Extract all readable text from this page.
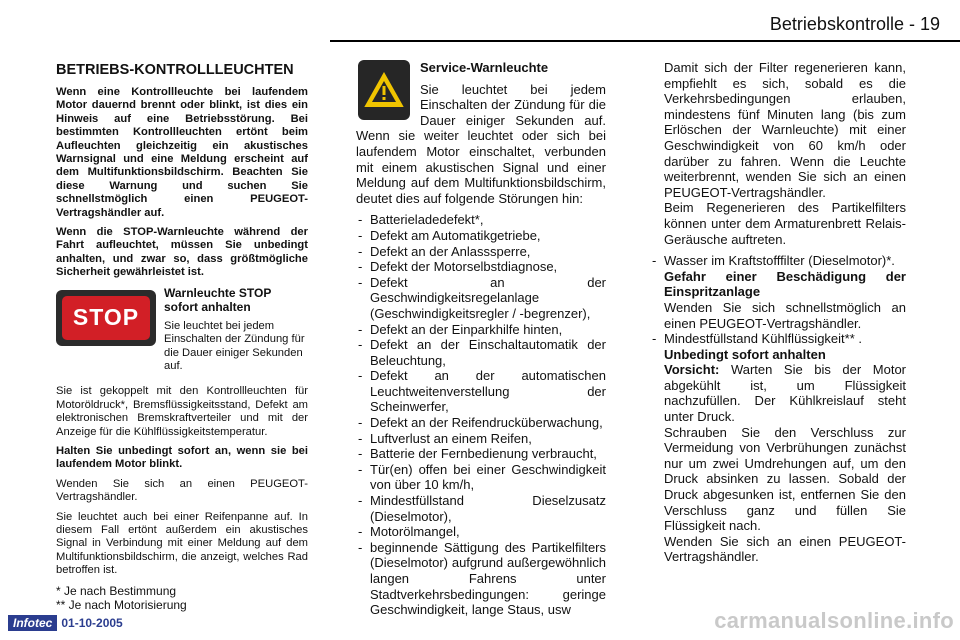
Betriebskontrolle - 19
BETRIEBS-KONTROLLLEUCHTEN

Wenn eine Kontrollleuchte bei laufendem Motor dauernd brennt oder blinkt, ist dies ein Hinweis auf eine Betriebsstörung. Bei bestimmten Kontrollleuchten ertönt beim Aufleuchten gleichzeitig ein akustisches Warnsignal und eine Meldung erscheint auf dem Multifunktionsbildschirm. Beachten Sie diese Warnung und suchen Sie schnellstmöglich einen PEUGEOT-Vertragshändler auf.

Wenn die STOP-Warnleuchte während der Fahrt aufleuchtet, müssen Sie unbedingt anhalten, und zwar so, dass größtmögliche Sicherheit gewährleistet ist.

STOP
Warnleuchte STOP sofort anhalten

Sie leuchtet bei jedem Einschalten der Zündung für die Dauer einiger Sekunden auf.

Sie ist gekoppelt mit den Kontrollleuchten für Motoröldruck*, Bremsflüssigkeitsstand, Defekt am elektronischen Bremskraftverteiler und mit der Anzeige für die Kühlflüssigkeitstemperatur.

Halten Sie unbedingt sofort an, wenn sie bei laufendem Motor blinkt.

Wenden Sie sich an einen PEUGEOT-Vertragshändler.

Sie leuchtet auch bei einer Reifenpanne auf. In diesem Fall ertönt außerdem ein akustisches Signal in Verbindung mit einer Meldung auf dem Multifunktionsbildschirm, die anzeigt, welches Rad betroffen ist.

* Je nach Bestimmung
** Je nach Motorisierung
Service-Warnleuchte

Sie leuchtet bei jedem Einschalten der Zündung für die Dauer einiger Sekunden auf. Wenn sie weiter leuchtet oder sich bei laufendem Motor einschaltet, verbunden mit einem akustischen Signal und einer Meldung auf dem Multifunktionsbildschirm, deutet dies auf folgende Störungen hin:

- Batterieladedefekt*,
- Defekt am Automatikgetriebe,
- Defekt an der Anlasssperre,
- Defekt der Motorselbstdiagnose,
- Defekt an der Geschwindigkeitsregelanlage (Geschwindigkeitsregler / -begrenzer),
- Defekt an der Einparkhilfe hinten,
- Defekt an der Einschaltautomatik der Beleuchtung,
- Defekt an der automatischen Leuchtweitenverstellung der Scheinwerfer,
- Defekt an der Reifendrucküberwachung,
- Luftverlust an einem Reifen,
- Batterie der Fernbedienung verbraucht,
- Tür(en) offen bei einer Geschwindigkeit von über 10 km/h,
- Mindestfüllstand Dieselzusatz (Dieselmotor),
- Motorölmangel,
- beginnende Sättigung des Partikelfilters (Dieselmotor) aufgrund außergewöhnlich langen Fahrens unter Stadtverkehrsbedingungen: geringe Geschwindigkeit, lange Staus, usw

Damit sich der Filter regenerieren kann, empfiehlt es sich, sobald es die Verkehrsbedingungen erlauben, mindestens fünf Minuten lang (bis zum Erlöschen der Warnleuchte) mit einer Geschwindigkeit von 60 km/h oder darüber zu fahren. Wenn die Leuchte weiterbrennt, wenden Sie sich an einen PEUGEOT-Vertragshändler.

Beim Regenerieren des Partikelfilters können unter dem Armaturenbrett Relais-Geräusche auftreten.

- Wasser im Kraftstofffilter (Dieselmotor)*.
Gefahr einer Beschädigung der Einspritzanlage
Wenden Sie sich schnellstmöglich an einen PEUGEOT-Vertragshändler.
- Mindestfüllstand Kühlflüssigkeit** .
Unbedingt sofort anhalten
Vorsicht: Warten Sie bis der Motor abgekühlt ist, um Flüssigkeit nachzufüllen. Der Kühlkreislauf steht unter Druck.
Schrauben Sie den Verschluss zur Vermeidung von Verbrühungen zunächst nur um zwei Umdrehungen auf, um den Druck absinken zu lassen. Sobald der Druck abgesunken ist, entfernen Sie den Verschluss ganz und füllen Sie Flüssigkeit nach.
Wenden Sie sich an einen PEUGEOT-Vertragshändler.
Infotec 01-10-2005	carmanualsonline.info
